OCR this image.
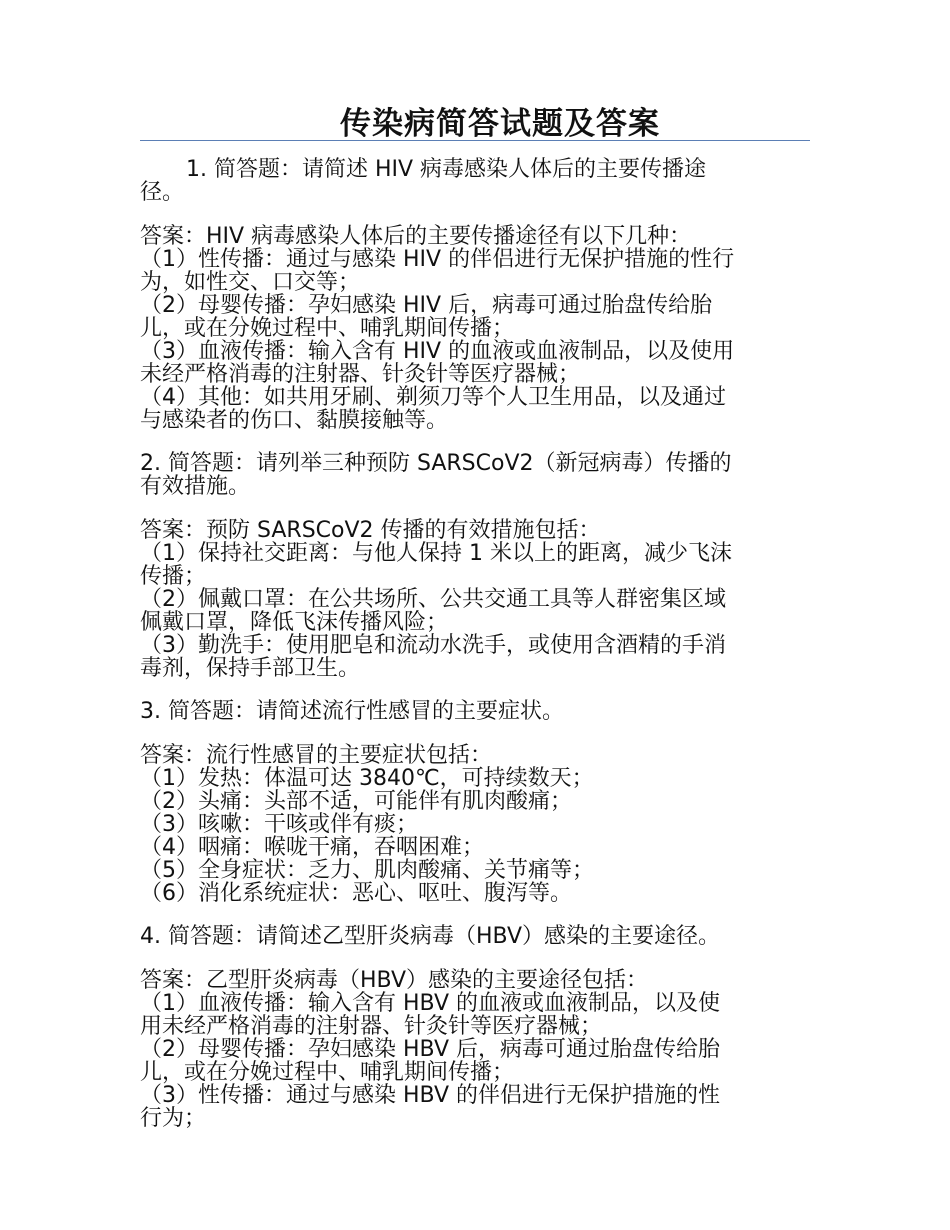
传染病简答试题及答案
1. 简答题：请简述 HIV 病毒感染人体后的主要传播途
径。
答案：HIV 病毒感染人体后的主要传播途径有以下几种：
（1）性传播：通过与感染 HIV 的伴侣进行无保护措施的性行
为，如性交、口交等；
（2）母婴传播：孕妇感染 HIV 后，病毒可通过胎盘传给胎
儿，或在分娩过程中、哺乳期间传播；
（3）血液传播：输入含有 HIV 的血液或血液制品，以及使用
未经严格消毒的注射器、针灸针等医疗器械；
（4）其他：如共用牙刷、剃须刀等个人卫生用品，以及通过
与感染者的伤口、黏膜接触等。
2. 简答题：请列举三种预防 SARSCoV2（新冠病毒）传播的
有效措施。
答案：预防 SARSCoV2 传播的有效措施包括：
（1）保持社交距离：与他人保持 1 米以上的距离，减少飞沫
传播；
（2）佩戴口罩：在公共场所、公共交通工具等人群密集区域
佩戴口罩，降低飞沫传播风险；
（3）勤洗手：使用肥皂和流动水洗手，或使用含酒精的手消
毒剂，保持手部卫生。
3. 简答题：请简述流行性感冒的主要症状。
答案：流行性感冒的主要症状包括：
（1）发热：体温可达 3840℃，可持续数天；
（2）头痛：头部不适，可能伴有肌肉酸痛；
（3）咳嗽：干咳或伴有痰；
（4）咽痛：喉咙干痛，吞咽困难；
（5）全身症状：乏力、肌肉酸痛、关节痛等；
（6）消化系统症状：恶心、呕吐、腹泻等。
4. 简答题：请简述乙型肝炎病毒（HBV）感染的主要途径。
答案：乙型肝炎病毒（HBV）感染的主要途径包括：
（1）血液传播：输入含有 HBV 的血液或血液制品，以及使
用未经严格消毒的注射器、针灸针等医疗器械；
（2）母婴传播：孕妇感染 HBV 后，病毒可通过胎盘传给胎
儿，或在分娩过程中、哺乳期间传播；
（3）性传播：通过与感染 HBV 的伴侣进行无保护措施的性
行为；
